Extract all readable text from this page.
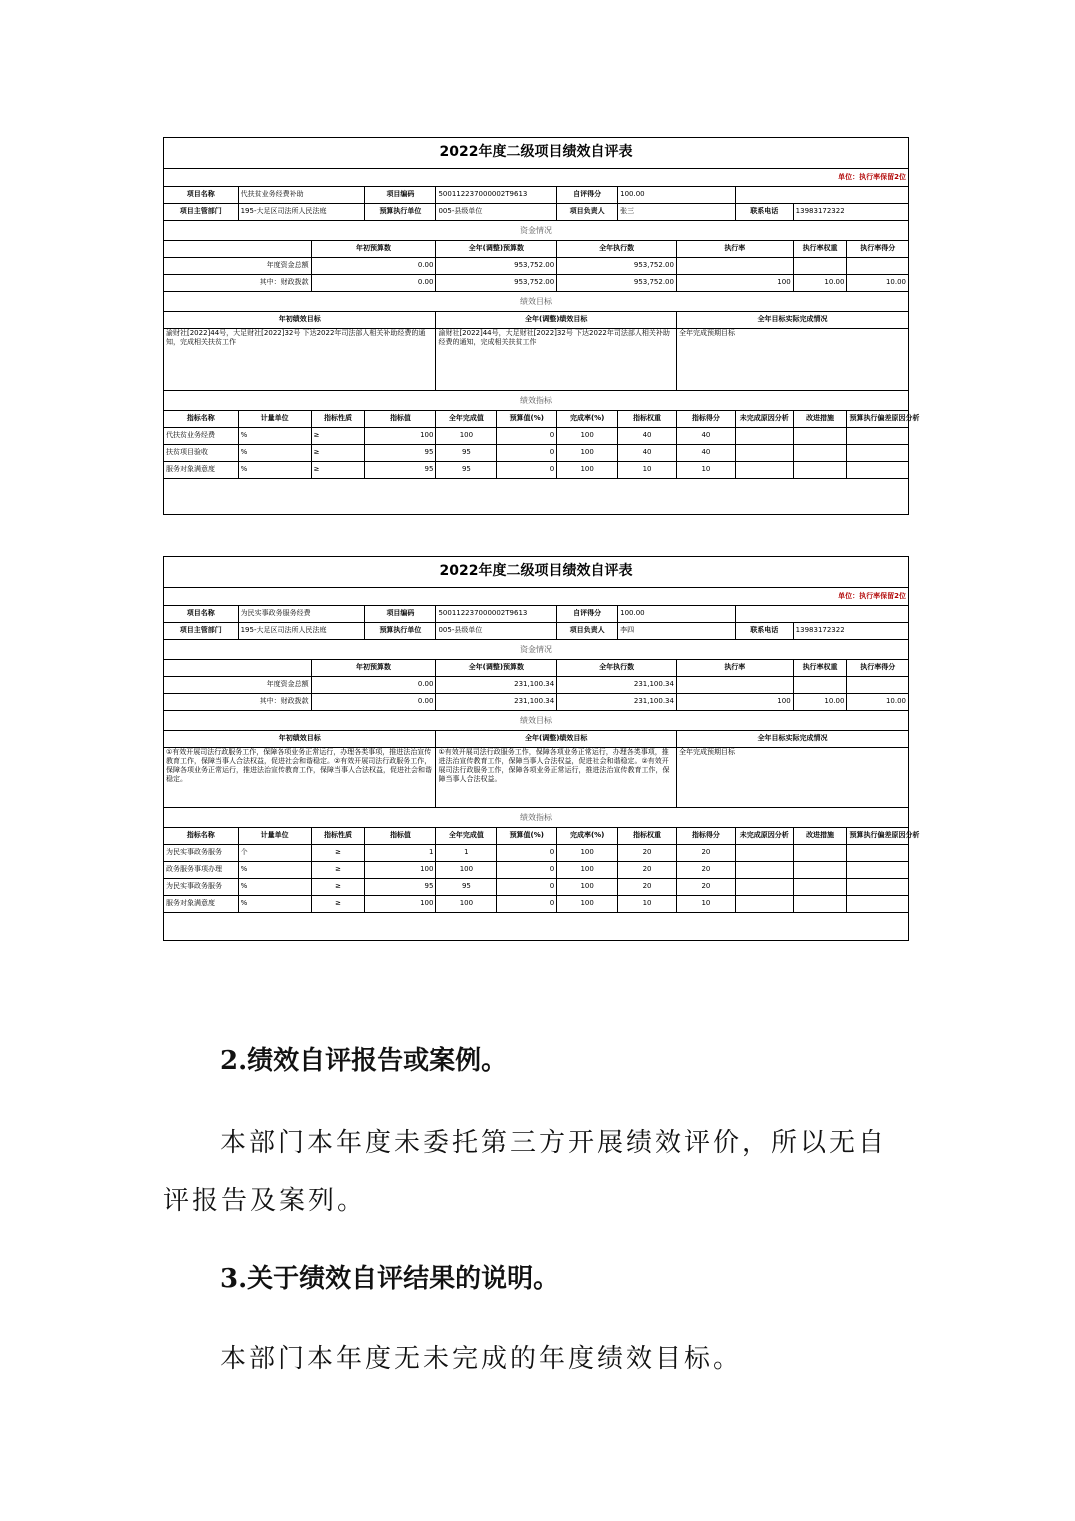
2022年度二级项目绩效自评表											
单位：执行率保留2位											
项目名称	代扶贫业务经费补助		项目编码	500112237000002T9613		自评得分	100.00				
项目主管部门	195-大足区司法所人民法庭		预算执行单位	005-县级单位		项目负责人	张三		联系电话	13983172322	
资金情况											
		年初预算数		全年(调整)预算数		全年执行数		执行率		执行率权重	执行率得分
年度资金总额		0.00		953,752.00		953,752.00					
其中：财政拨款		0.00		953,752.00		953,752.00		100		10.00	10.00
绩效目标											
年初绩效目标				全年(调整)绩效目标				全年目标实际完成情况			
渝财社[2022]44号，大足财社[2022]32号 下达2022年司法部人相关补助经费的通知，完成相关扶贫工作				渝财社[2022]44号，大足财社[2022]32号 下达2022年司法部人相关补助经费的通知，完成相关扶贫工作				全年完成预期目标			
绩效指标											
指标名称	计量单位	指标性质	指标值	全年完成值	预算值(%)	完成率(%)	指标权重	指标得分	未完成原因分析	改进措施	预算执行偏差原因分析
代扶贫业务经费	%	≥	100	100	0	100	40	40			
扶贫项目验收	%	≥	95	95	0	100	40	40			
服务对象满意度	%	≥	95	95	0	100	10	10			
2022年度二级项目绩效自评表											
单位：执行率保留2位											
项目名称	为民实事政务服务经费		项目编码	500112237000002T9613		自评得分	100.00				
项目主管部门	195-大足区司法所人民法庭		预算执行单位	005-县级单位		项目负责人	李四		联系电话	13983172322	
资金情况											
		年初预算数		全年(调整)预算数		全年执行数		执行率		执行率权重	执行率得分
年度资金总额		0.00		231,100.34		231,100.34					
其中：财政拨款		0.00		231,100.34		231,100.34		100		10.00	10.00
绩效目标											
年初绩效目标				全年(调整)绩效目标				全年目标实际完成情况			
①有效开展司法行政服务工作，保障各项业务正常运行，办理各类事项，推进法治宣传教育工作，保障当事人合法权益，促进社会和谐稳定。②有效开展司法行政服务工作，保障各项业务正常运行，推进法治宣传教育工作，保障当事人合法权益，促进社会和谐稳定。				①有效开展司法行政服务工作，保障各项业务正常运行，办理各类事项，推进法治宣传教育工作，保障当事人合法权益，促进社会和谐稳定。②有效开展司法行政服务工作，保障各项业务正常运行，推进法治宣传教育工作，保障当事人合法权益。				全年完成预期目标			
绩效指标											
指标名称	计量单位	指标性质	指标值	全年完成值	预算值(%)	完成率(%)	指标权重	指标得分	未完成原因分析	改进措施	预算执行偏差原因分析
为民实事政务服务	个	≥	1	1	0	100	20	20			
政务服务事项办理	%	≥	100	100	0	100	20	20			
为民实事政务服务	%	≥	95	95	0	100	20	20			
服务对象满意度	%	≥	100	100	0	100	10	10			
2.绩效自评报告或案例。
本部门本年度未委托第三方开展绩效评价，所以无自
评报告及案列。
3.关于绩效自评结果的说明。
本部门本年度无未完成的年度绩效目标。
